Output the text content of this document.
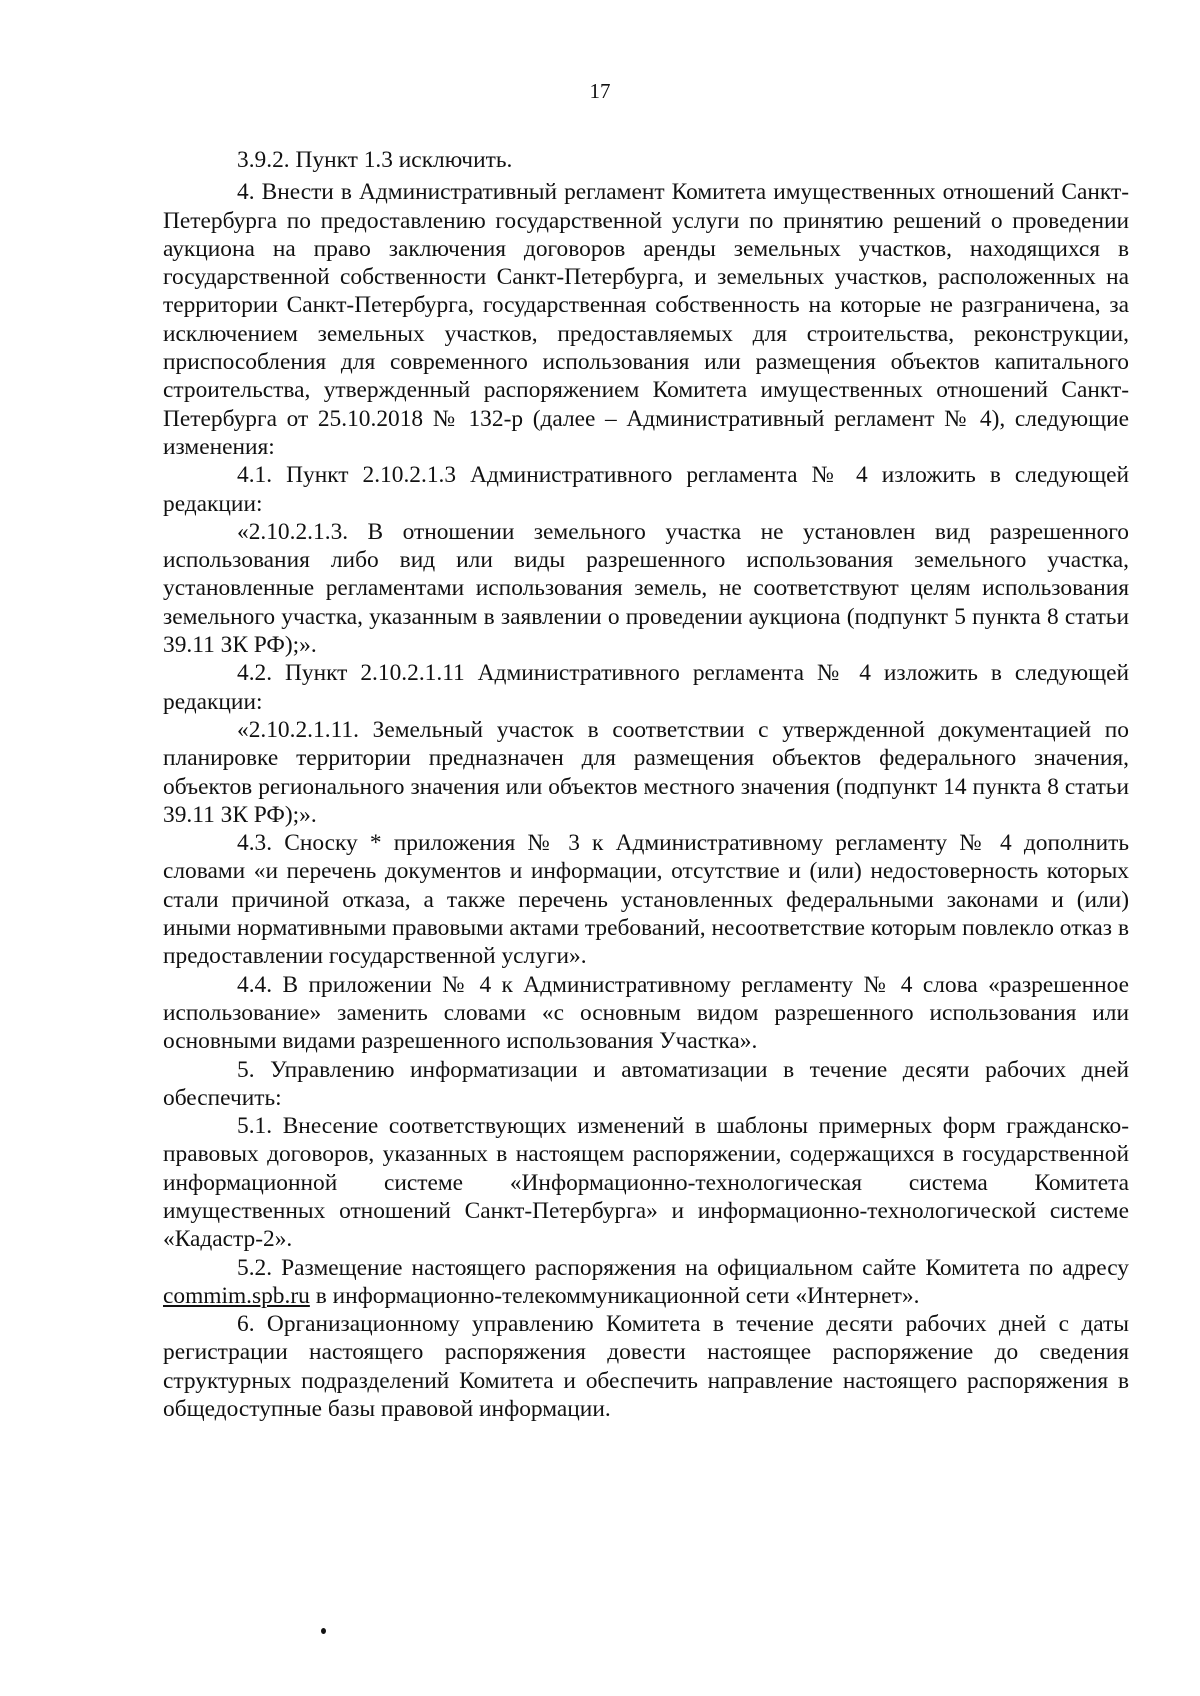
17

3.9.2. Пункт 1.3 исключить.

4. Внести в Административный регламент Комитета имущественных отношений Санкт-Петербурга по предоставлению государственной услуги по принятию решений о проведении аукциона на право заключения договоров аренды земельных участков, находящихся в государственной собственности Санкт-Петербурга, и земельных участков, расположенных на территории Санкт-Петербурга, государственная собственность на которые не разграничена, за исключением земельных участков, предоставляемых для строительства, реконструкции, приспособления для современного использования или размещения объектов капитального строительства, утвержденный распоряжением Комитета имущественных отношений Санкт-Петербурга от 25.10.2018 № 132-р (далее – Административный регламент № 4), следующие изменения:

4.1. Пункт 2.10.2.1.3 Административного регламента № 4 изложить в следующей редакции:

«2.10.2.1.3. В отношении земельного участка не установлен вид разрешенного использования либо вид или виды разрешенного использования земельного участка, установленные регламентами использования земель, не соответствуют целям использования земельного участка, указанным в заявлении о проведении аукциона (подпункт 5 пункта 8 статьи 39.11 ЗК РФ);».

4.2. Пункт 2.10.2.1.11 Административного регламента № 4 изложить в следующей редакции:

«2.10.2.1.11. Земельный участок в соответствии с утвержденной документацией по планировке территории предназначен для размещения объектов федерального значения, объектов регионального значения или объектов местного значения (подпункт 14 пункта 8 статьи 39.11 ЗК РФ);».

4.3. Сноску * приложения № 3 к Административному регламенту № 4 дополнить словами «и перечень документов и информации, отсутствие и (или) недостоверность которых стали причиной отказа, а также перечень установленных федеральными законами и (или) иными нормативными правовыми актами требований, несоответствие которым повлекло отказ в предоставлении государственной услуги».

4.4. В приложении № 4 к Административному регламенту № 4 слова «разрешенное использование» заменить словами «с основным видом разрешенного использования или основными видами разрешенного использования Участка».

5. Управлению информатизации и автоматизации в течение десяти рабочих дней обеспечить:

5.1. Внесение соответствующих изменений в шаблоны примерных форм гражданско-правовых договоров, указанных в настоящем распоряжении, содержащихся в государственной информационной системе «Информационно-технологическая система Комитета имущественных отношений Санкт-Петербурга» и информационно-технологической системе «Кадастр-2».

5.2. Размещение настоящего распоряжения на официальном сайте Комитета по адресу commim.spb.ru в информационно-телекоммуникационной сети «Интернет».

6. Организационному управлению Комитета в течение десяти рабочих дней с даты регистрации настоящего распоряжения довести настоящее распоряжение до сведения структурных подразделений Комитета и обеспечить направление настоящего распоряжения в общедоступные базы правовой информации.
